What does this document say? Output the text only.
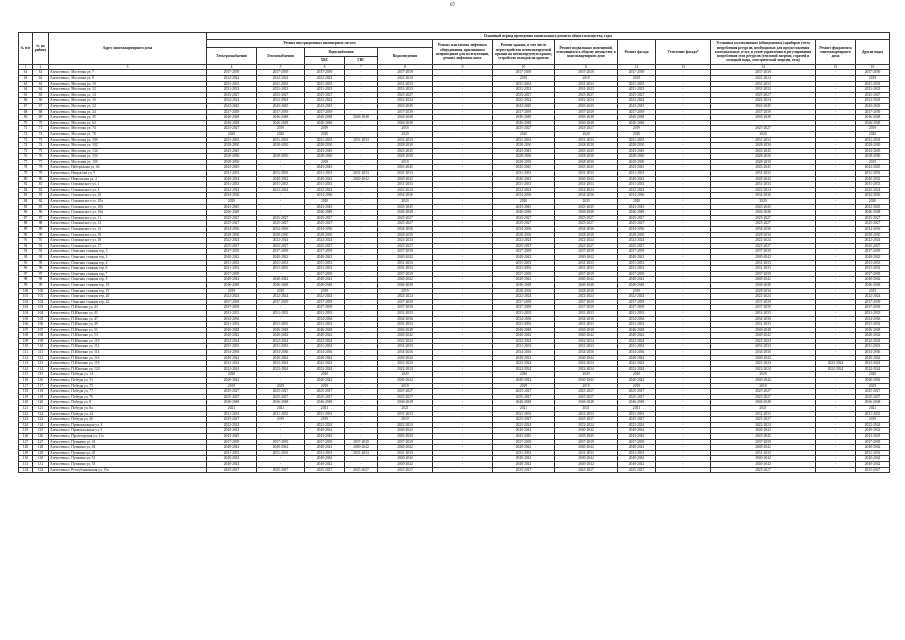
67
№ п/п	№ по району	Адрес многоквартирного дома	Плановый период проведения капитального ремонта общего имущества, годы												
			Ремонт внутридомовых инженерных систем					Ремонт или замена лифтового оборудования, признанного непригодным для эксплуатации, ремонт лифтовых шахт	Ремонт крыши, в том числе переустройство невентилируемой крыши на вентилируемую крышу, устройство выходов на кровлю	Ремонт подвальных помещений, относящихся к общему имуществу в многоквартирном доме	Ремонт фасада	Утепление фасада*	Установка коллективных (общедомовых) приборов учета потребления ресурсов, необходимых для предоставления коммунальных услуг, и узлов управления и регулирования потребления этих ресурсов (тепловой энергии, горячей и холодной воды, электрической энергии, газа)	Ремонт фундамента многоквартирного дома	Другие виды
			Электроснабжения	Теплоснабжения	Водоснабжения		Водоотведения								
					ХВС	ГВС									
1	2	3	4	5	6	7	8	9	10	11	12	13	14	15	16
61	61	Алексеевка г, Мостовая ул, 7	2037-2039	2037-2039	2037-2039	-	2037-2039	-	2037-2039	2037-2039	2037-2039	-	2037-2039	-	2037-2039
62	62	Алексеевка г, Мостовая ул, 8	2022-2024	2022-2024	2022-2024	-	2022-2024	-	2019	2019	2019	-	2022-2024	-	2019
63	63	Алексеевка г, Мостовая ул, 10	2031-2033	2031-2033	2031-2033	-	2031-2033	-	2031-2033	2031-2033	2031-2033	-	2031-2033	-	2031-2033
64	64	Алексеевка г, Мостовая ул, 12	2031-2033	2031-2033	2031-2033	-	2031-2033	-	2031-2033	2031-2033	2031-2033	-	2031-2033	-	2031-2033
65	65	Алексеевка г, Мостовая ул, 14	2025-2027	2025-2027	2025-2027	-	2025-2027	-	2025-2027	2025-2027	2025-2027	-	2025-2027	-	2025-2027
66	66	Алексеевка г, Мостовая ул, 16	2022-2024	2022-2024	2022-2024	-	2022-2024	-	2022-2024	2022-2024	2022-2024	-	2022-2024	-	2022-2024
67	67	Алексеевка г, Мостовая ул, 22	2043-2045	2043-2045	2043-2045	-	2043-2045	-	2043-2045	2043-2045	2043-2045	-	2043-2045	-	2043-2045
68	68	Алексеевка г, Мостовая ул, 24	2037-2039	2037-2039	2037-2039	-	2037-2039	-	2037-2039	2037-2039	2037-2039	-	2037-2039	-	2037-2039
69	69	Алексеевка г, Мостовая ул, 35	2046-2048	2046-2048	2046-2048	2046-2048	2046-2048	-	2046-2048	2046-2048	2046-2048	-	2046-2048	-	2046-2048
70	70	Алексеевка г, Мостовая ул, 62	2046-2048	2046-2048	2046-2048	-	2046-2048	-	2046-2048	2046-2048	2046-2048	-	-	-	2046-2048
71	71	Алексеевка г, Мостовая ул, 74	2025-2027	2019	2019	-	2019	-	2025-2027	2025-2027	2019	-	2025-2027	-	2019
72	72	Алексеевка г, Мостовая ул, 78	2020	2020	2020	-	2020	-	2020	2020	2020	-	2020	-	2020
73	73	Алексеевка г, Мостовая ул, 100	2031-2033	2031-2033	2031-2033	2031-2033	2031-2033	-	2031-2033	2031-2033	2031-2033	-	2031-2033	-	2031-2033
74	74	Алексеевка г, Мостовая ул, 102	2028-2030	2028-2030	2028-2030	-	2028-2030	-	2028-2030	2028-2030	2028-2030	-	2028-2030	-	2028-2030
75	75	Алексеевка г, Мостовая ул, 134	2043-2045	-	2043-2045	-	2043-2045	-	2043-2045	2043-2045	2043-2045	-	2043-2045	-	2043-2045
76	76	Алексеевка г, Мостовая ул, 154	2028-2030	2028-2030	2028-2030	-	2028-2030	-	2028-2030	2028-2030	2028-2030	-	2028-2030	-	2028-2030
77	77	Алексеевка г, Мостовая ул, 159	2028-2030	-	2019	-	2019	-	2028-2030	2028-2030	2028-2030	-	2028-2030	-	2019
78	78	Алексеевка г, Набережная ул, 64	2043-2045	-	2043-2045	-	2043-2045	-	2043-2045	2043-2045	2043-2045	-	2043-2045	-	2043-2045
79	79	Алексеевка г, Некрасова ул, 9	2031-2033	2031-2033	2031-2033	2031-2033	2031-2033	-	2031-2033	2031-2033	2031-2033	-	2031-2033	-	2031-2033
80	80	Алексеевка г, Никольская ул, 2	2040-2042	2040-2042	2040-2042	2040-2042	2040-2042	-	2040-2042	2040-2042	2040-2042	-	2040-2042	-	2040-2042
81	81	Алексеевка г, Ольминского ул, 1	2031-2033	2031-2033	2031-2033	-	2031-2033	-	2031-2033	2031-2033	2031-2033	-	2031-2033	-	2031-2033
82	82	Алексеевка г, Ольминского ул, 2	2022-2024	2022-2024	2022-2024	-	2022-2024	-	2022-2024	2022-2024	2022-2024	-	2022-2024	-	2022-2024
83	83	Алексеевка г, Ольминского ул, 10	2034-2036	-	2034-2036	-	2034-2036	-	2034-2036	2034-2036	2034-2036	-	2034-2036	-	2034-2036
84	84	Алексеевка г, Ольминского ул, 10а	2020	-	2020	-	2020	-	2020	2020	2020	-	2020	-	2020
85	85	Алексеевка г, Ольминского ул, 10б	2043-2045	-	2043-2045	-	2043-2045	-	2043-2045	2043-2045	2043-2045	-	2043-2045	-	2043-2045
86	86	Алексеевка г, Ольминского ул, 10в	2046-2048	-	2046-2048	-	2046-2048	-	2046-2048	2046-2048	2046-2048	-	2046-2048	-	2046-2048
87	87	Алексеевка г, Ольминского ул, 11	2025-2027	2025-2027	2025-2027	-	2025-2027	-	2025-2027	2025-2027	2025-2027	-	2025-2027	-	2025-2027
88	88	Алексеевка г, Ольминского ул, 12	2025-2027	2025-2027	2025-2027	-	2025-2027	-	2025-2027	2025-2027	2025-2027	-	2025-2027	-	2025-2027
89	89	Алексеевка г, Ольминского ул, 14	2034-2036	2034-2036	2034-2036	-	2034-2036	-	2034-2036	2034-2036	2034-2036	-	2034-2036	-	2034-2036
90	90	Алексеевка г, Ольминского ул, 16	2028-2030	2028-2030	2028-2030	-	2028-2030	-	2028-2030	2028-2030	2028-2030	-	2028-2030	-	2028-2030
91	91	Алексеевка г, Ольминского ул, 18	2022-2024	2022-2024	2022-2024	-	2022-2024	-	2022-2024	2022-2024	2022-2024	-	2022-2024	-	2022-2024
92	92	Алексеевка г, Ольминского ул, 17	2025-2027	2025-2027	2025-2027	-	2025-2027	-	2025-2027	2025-2027	2025-2027	-	2025-2027	-	2025-2027
93	93	Алексеевка г, Опытная станция тер, 3	2037-2039	2037-2039	2037-2039	-	2037-2039	-	2037-2039	2037-2039	2037-2039	-	2037-2039	-	2037-2039
94	94	Алексеевка г, Опытная станция тер, 3	2040-2042	2040-2042	2040-2042	-	2040-2042	-	2040-2042	2040-2042	2040-2042	-	2040-2042	-	2040-2042
95	95	Алексеевка г, Опытная станция тер, 4	2031-2033	2031-2033	2031-2033	-	2031-2033	-	2031-2033	2031-2033	2031-2033	-	2031-2033	-	2031-2033
96	96	Алексеевка г, Опытная станция тер, 6	2031-2033	2031-2033	2031-2033	-	2031-2033	-	2031-2033	2031-2033	2031-2033	-	2031-2033	-	2031-2033
97	97	Алексеевка г, Опытная станция тер, 7	2037-2039	-	2037-2039	-	2037-2039	-	2037-2039	2037-2039	2037-2039	-	2037-2039	-	2037-2039
98	98	Алексеевка г, Опытная станция тер, 8	2040-2042	2040-2042	2040-2042	-	2040-2042	-	2040-2042	2040-2042	2040-2042	-	2040-2042	-	2040-2042
99	99	Алексеевка г, Опытная станция тер, 18	2046-2048	2046-2048	2046-2048	-	2046-2048	-	2046-2048	2046-2048	2046-2048	-	2046-2048	-	2046-2048
100	100	Алексеевка г, Опытная станция тер, 19	2019	2019	2019	-	2019	-	2028-2030	2028-2030	2019	-	2028-2030	-	2019
101	101	Алексеевка г, Опытная станция тер, 20	2022-2024	2022-2024	2022-2024	-	2022-2024	-	2022-2024	2022-2024	2022-2024	-	2022-2024	-	2022-2024
102	102	Алексеевка г, Опытная станция тер, 22	2037-2039	2037-2039	2037-2039	-	2037-2039	-	2037-2039	2037-2039	2037-2039	-	2037-2039	-	2037-2039
103	103	Алексеевка г, П.Юшенко ул, 43	2037-2039	-	2037-2039	-	2037-2039	-	2037-2039	2037-2039	2037-2039	-	2037-2039	-	2037-2039
104	104	Алексеевка г, П.Юшенко ул, 45	2031-2033	2031-2033	2031-2033	-	2031-2033	-	2031-2033	2031-2033	2031-2033	-	2031-2033	-	2031-2033
105	105	Алексеевка г, П.Юшенко ул, 47	2034-2036	-	2034-2036	-	2034-2036	-	2034-2036	2034-2036	2034-2036	-	2034-2036	-	2034-2036
106	106	Алексеевка г, П.Юшенко ул, 49	2031-2033	2031-2033	2031-2033	-	2031-2033	-	2031-2033	2031-2033	2031-2033	-	2031-2033	-	2031-2033
107	107	Алексеевка г, П.Юшенко ул, 51	2046-2048	2046-2048	2046-2048	-	2046-2048	-	2046-2048	2046-2048	2046-2048	-	2046-2048	-	2046-2048
108	108	Алексеевка г, П.Юшенко ул, 53	2040-2042	2040-2042	2040-2042	-	2040-2042	-	2040-2042	2040-2042	2040-2042	-	2040-2042	-	2040-2042
109	109	Алексеевка г, П.Юшенко ул, 110	2022-2024	2022-2024	2022-2024	-	2022-2024	-	2022-2024	2022-2024	2022-2024	-	2022-2024	-	2022-2024
110	110	Алексеевка г, П.Юшенко ул, 112	2031-2033	2031-2033	2031-2033	-	2031-2033	-	2031-2033	2031-2033	2031-2033	-	2031-2033	-	2031-2033
111	111	Алексеевка г, П.Юшенко ул, 114	2034-2036	2034-2036	2034-2036	-	2034-2036	-	2034-2036	2034-2036	2034-2036	-	2034-2036	-	2034-2036
112	112	Алексеевка г, П.Юшенко ул, 116	2040-2042	2040-2042	2040-2042	-	2040-2042	-	2040-2042	2040-2042	2040-2042	-	2040-2042	-	2040-2042
113	113	Алексеевка г, П.Юшенко ул, 118	2022-2024	2022-2024	2022-2024	-	2022-2024	-	2022-2024	2022-2024	2022-2024	-	2022-2024	2022-2024	2022-2024
114	114	Алексеевка г, П.Юшенко ул, 120	2022-2024	2022-2024	2022-2024	-	2022-2024	-	2022-2024	2022-2024	2022-2024	-	2022-2024	2022-2024	2022-2024
115	115	Алексеевка г, Победы ул, 14	2020	-	2020	-	2020	-	2020	2020	2020	-	2020	-	2020
116	116	Алексеевка г, Победы ул, 51	2040-2042	-	2040-2042	-	2040-2042	-	2040-2042	2040-2042	2040-2042	-	2040-2042	-	2040-2042
117	117	Алексеевка г, Победы ул, 75	2019	2019	2019	-	2019	-	2019	2019	2019	-	2019	-	2019
118	118	Алексеевка г, Победы ул, 77	2025-2027	2025-2027	2025-2027	-	2025-2027	-	2025-2027	2025-2027	2025-2027	-	2025-2027	-	2025-2027
119	119	Алексеевка г, Победы ул, 79	2025-2027	2025-2027	2025-2027	-	2025-2027	-	2025-2027	2025-2027	2025-2027	-	2025-2027	-	2025-2027
120	120	Алексеевка г, Победы ул, 8	2046-2048	2046-2048	2046-2048	-	2046-2048	-	2046-2048	2046-2048	2046-2048	-	2046-2048	-	2046-2048
121	121	Алексеевка г, Победы ул, 8а	2021	2021	2021	-	2021	-	2021	2021	2021	-	2021	-	2021
122	122	Алексеевка г, Победы ул, 24	2031-2033	2031-2033	2031-2033	-	2031-2033	-	2031-2033	2031-2033	2031-2033	-	2031-2033	-	2031-2033
123	123	Алексеевка г, Победы ул, 26	2025-2027	2019	2019	-	2019	-	2025-2027	2025-2027	2025-2027	-	2025-2027	-	2019
124	124	Алексеевка г, Привокзальная ул, 4	2022-2024	-	2022-2024	-	2022-2024	-	2022-2024	2022-2024	2022-2024	-	2022-2024	-	2022-2024
125	125	Алексеевка г, Привокзальная ул, 9	2040-2042	-	2040-2042	-	2040-2042	-	2040-2042	2040-2042	2040-2042	-	2040-2042	-	2040-2042
126	126	Алексеевка г, Пролетарская ул, 11а	2043-2045	-	2043-2045	-	2043-2045	-	2043-2045	2043-2045	2043-2045	-	2043-2045	-	2043-2045
127	127	Алексеевка г, Пушкина ул, 41	2037-2039	2037-2039	2037-2039	2037-2039	2037-2039	-	2037-2039	2037-2039	2037-2039	-	2037-2039	-	2037-2039
128	128	Алексеевка г, Пушкина ул, 43	2040-2042	2040-2042	2040-2042	2040-2042	2040-2042	-	2040-2042	2040-2042	2040-2042	-	2040-2042	-	2040-2042
129	129	Алексеевка г, Пушкина ул, 45	2031-2033	2031-2033	2031-2033	2031-2033	2031-2033	-	2031-2033	2031-2033	2031-2033	-	2031-2033	-	2031-2033
130	130	Алексеевка г, Пушкина ул, 51	2040-2042	-	2040-2042	-	2040-2042	-	2040-2042	2040-2042	2040-2042	-	2040-2042	-	2040-2042
131	131	Алексеевка г, Пушкина ул, 53	2040-2042	-	2040-2042	-	2040-2042	-	2040-2042	2040-2042	2040-2042	-	2040-2042	-	2040-2042
132	132	Алексеевка г, Республиканская ул, 15а	2025-2027	2025-2027	2025-2027	2025-2027	2025-2027	-	2025-2027	2025-2027	2025-2027	-	2025-2027	-	2025-2027
